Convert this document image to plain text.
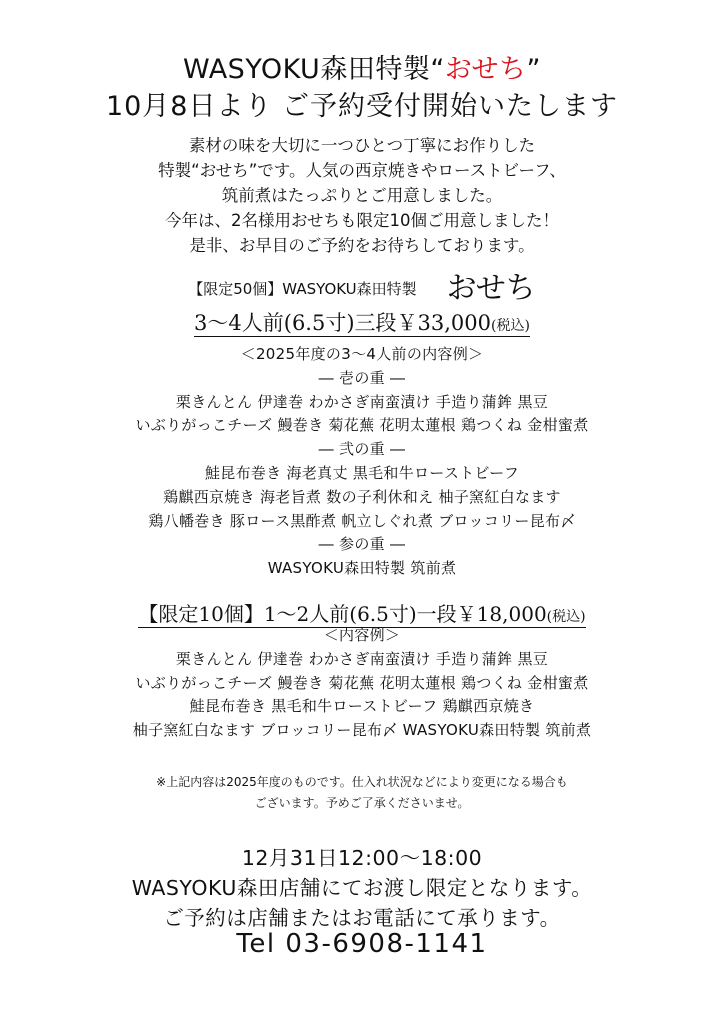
WASYOKU森田特製“おせち”
10月8日より ご予約受付開始いたします
素材の味を大切に一つひとつ丁寧にお作りした
特製“おせち”です。人気の西京焼きやローストビーフ、
筑前煮はたっぷりとご用意しました。
今年は、2名様用おせちも限定10個ご用意しました！
是非、お早目のご予約をお待ちしております。
【限定50個】WASYOKU森田特製 おせち
3～4人前(6.5寸)三段￥33,000(税込)
＜2025年度の3～4人前の内容例＞
― 壱の重 ―
栗きんとん 伊達巻 わかさぎ南蛮漬け 手造り蒲鉾 黒豆
いぶりがっこチーズ 鰻巻き 菊花蕪 花明太蓮根 鶏つくね 金柑蜜煮
― 弐の重 ―
鮭昆布巻き 海老真丈 黒毛和牛ローストビーフ
鶏麒西京焼き 海老旨煮 数の子利休和え 柚子窯紅白なます
鶏八幡巻き 豚ロース黒酢煮 帆立しぐれ煮 ブロッコリー昆布〆
― 参の重 ―
WASYOKU森田特製 筑前煮
【限定10個】1～2人前(6.5寸)一段￥18,000(税込)
＜内容例＞
栗きんとん 伊達巻 わかさぎ南蛮漬け 手造り蒲鉾 黒豆
いぶりがっこチーズ 鰻巻き 菊花蕪 花明太蓮根 鶏つくね 金柑蜜煮
鮭昆布巻き 黒毛和牛ローストビーフ 鶏麒西京焼き
柚子窯紅白なます ブロッコリー昆布〆 WASYOKU森田特製 筑前煮
※上記内容は2025年度のものです。仕入れ状況などにより変更になる場合も
ございます。予めご了承くださいませ。
12月31日12:00～18:00
WASYOKU森田店舗にてお渡し限定となります。
ご予約は店舗またはお電話にて承ります。
Tel 03-6908-1141
